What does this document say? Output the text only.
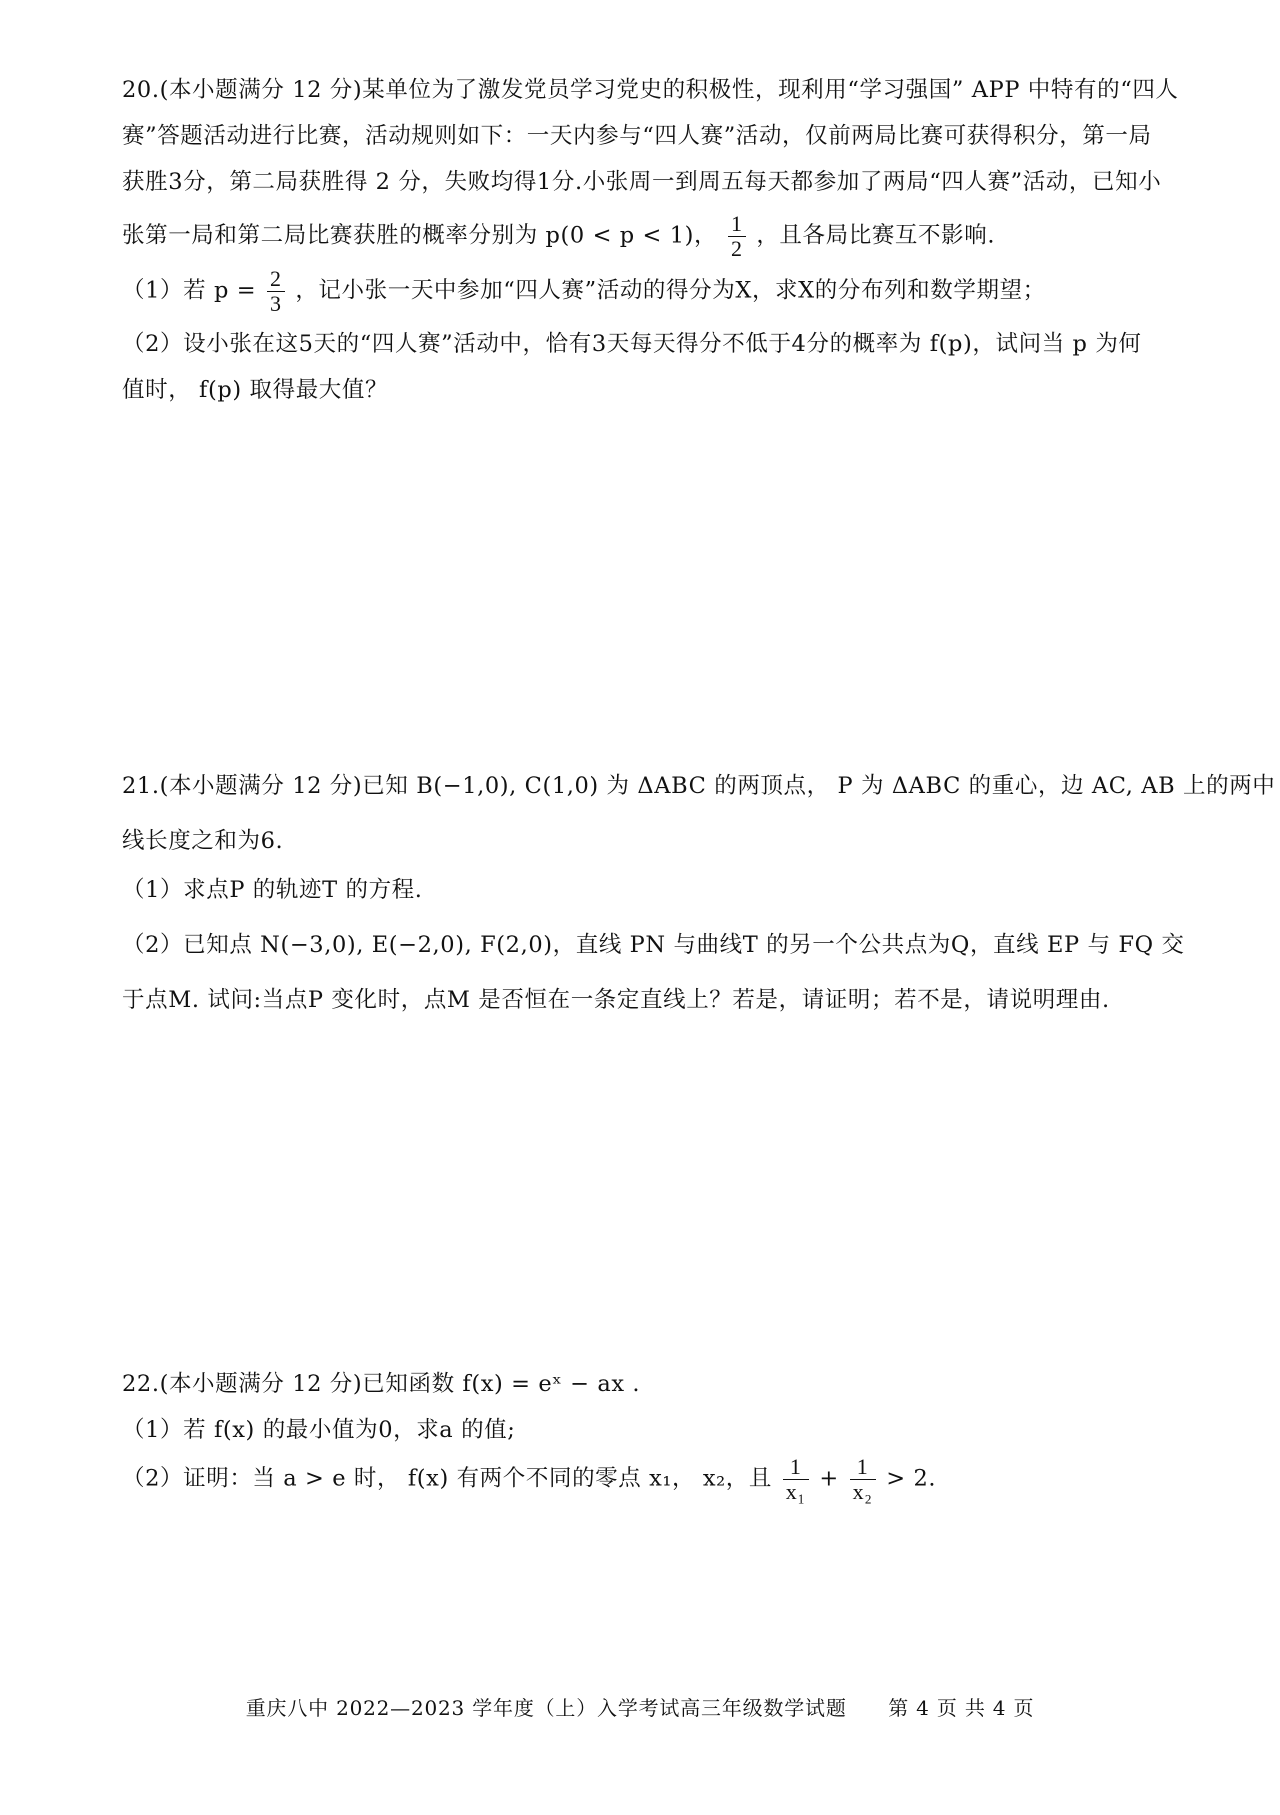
20.(本小题满分 12 分)某单位为了激发党员学习党史的积极性，现利用“学习强国” APP 中特有的“四人
赛”答题活动进行比赛，活动规则如下：一天内参与“四人赛”活动，仅前两局比赛可获得积分，第一局
获胜3分，第二局获胜得 2 分，失败均得1分.小张周一到周五每天都参加了两局“四人赛”活动，已知小
张第一局和第二局比赛获胜的概率分别为 p(0 < p < 1)， $\frac{1}{2}$ ，且各局比赛互不影响.
（1）若 $p = \frac{2}{3}$ ，记小张一天中参加“四人赛”活动的得分为X，求X的分布列和数学期望；
（2）设小张在这5天的“四人赛”活动中，恰有3天每天得分不低于4分的概率为 f(p)，试问当 p 为何
值时， f(p) 取得最大值？
21.(本小题满分 12 分)已知 B(−1,0), C(1,0) 为 ΔABC 的两顶点， P 为 ΔABC 的重心，边 AC, AB 上的两中
线长度之和为6.
（1）求点P 的轨迹T 的方程.
（2）已知点 N(−3,0), E(−2,0), F(2,0)，直线 PN 与曲线T 的另一个公共点为Q，直线 EP 与 FQ 交
于点M. 试问:当点P 变化时，点M 是否恒在一条定直线上？若是，请证明；若不是，请说明理由.
22.(本小题满分 12 分)已知函数 f(x) = eˣ − ax .
（1）若 f(x) 的最小值为0，求a 的值;
（2）证明：当 a > e 时， f(x) 有两个不同的零点 x₁， x₂，且 $\frac{1}{\text{x₁}} + \frac{1}{\text{x₂}} > 2$.
重庆八中 2022—2023 学年度（上）入学考试高三年级数学试题　　第 4 页 共 4 页
